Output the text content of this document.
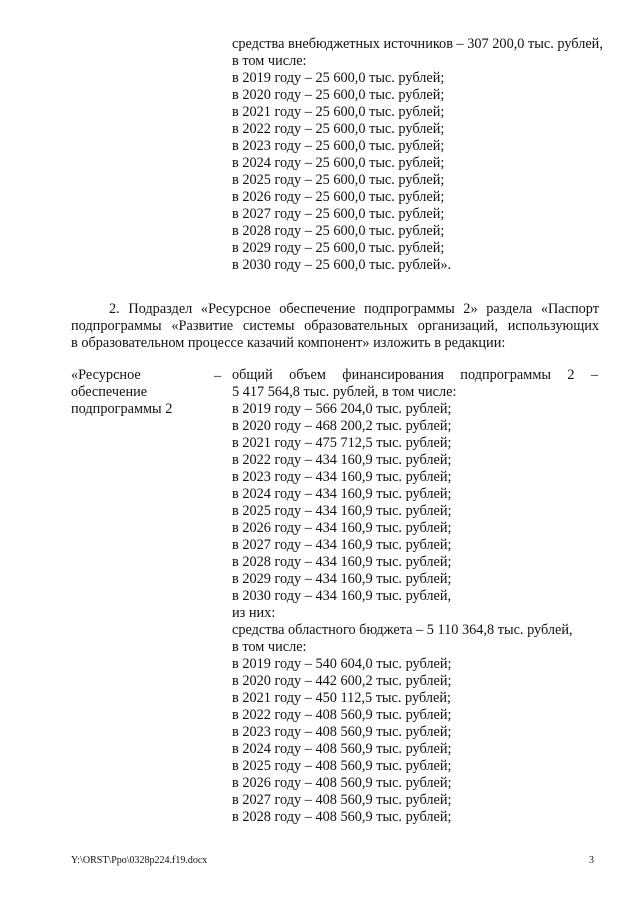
средства внебюджетных источников – 307 200,0 тыс. рублей,
в том числе:
в 2019 году – 25 600,0 тыс. рублей;
в 2020 году – 25 600,0 тыс. рублей;
в 2021 году – 25 600,0 тыс. рублей;
в 2022 году – 25 600,0 тыс. рублей;
в 2023 году – 25 600,0 тыс. рублей;
в 2024 году – 25 600,0 тыс. рублей;
в 2025 году – 25 600,0 тыс. рублей;
в 2026 году – 25 600,0 тыс. рублей;
в 2027 году – 25 600,0 тыс. рублей;
в 2028 году – 25 600,0 тыс. рублей;
в 2029 году – 25 600,0 тыс. рублей;
в 2030 году – 25 600,0 тыс. рублей».
2. Подраздел «Ресурсное обеспечение подпрограммы 2» раздела «Паспорт
подпрограммы «Развитие системы образовательных организаций, использующих
в образовательном процессе казачий компонент» изложить в редакции:
«Ресурсное
обеспечение
подпрограммы 2
– общий объем финансирования подпрограммы 2 –
5 417 564,8 тыс. рублей, в том числе:
в 2019 году – 566 204,0 тыс. рублей;
в 2020 году – 468 200,2 тыс. рублей;
в 2021 году – 475 712,5 тыс. рублей;
в 2022 году – 434 160,9 тыс. рублей;
в 2023 году – 434 160,9 тыс. рублей;
в 2024 году – 434 160,9 тыс. рублей;
в 2025 году – 434 160,9 тыс. рублей;
в 2026 году – 434 160,9 тыс. рублей;
в 2027 году – 434 160,9 тыс. рублей;
в 2028 году – 434 160,9 тыс. рублей;
в 2029 году – 434 160,9 тыс. рублей;
в 2030 году – 434 160,9 тыс. рублей,
из них:
средства областного бюджета – 5 110 364,8 тыс. рублей,
в том числе:
в 2019 году – 540 604,0 тыс. рублей;
в 2020 году – 442 600,2 тыс. рублей;
в 2021 году – 450 112,5 тыс. рублей;
в 2022 году – 408 560,9 тыс. рублей;
в 2023 году – 408 560,9 тыс. рублей;
в 2024 году – 408 560,9 тыс. рублей;
в 2025 году – 408 560,9 тыс. рублей;
в 2026 году – 408 560,9 тыс. рублей;
в 2027 году – 408 560,9 тыс. рублей;
в 2028 году – 408 560,9 тыс. рублей;
Y:\ORST\Ppo\0328p224.f19.docx	3
